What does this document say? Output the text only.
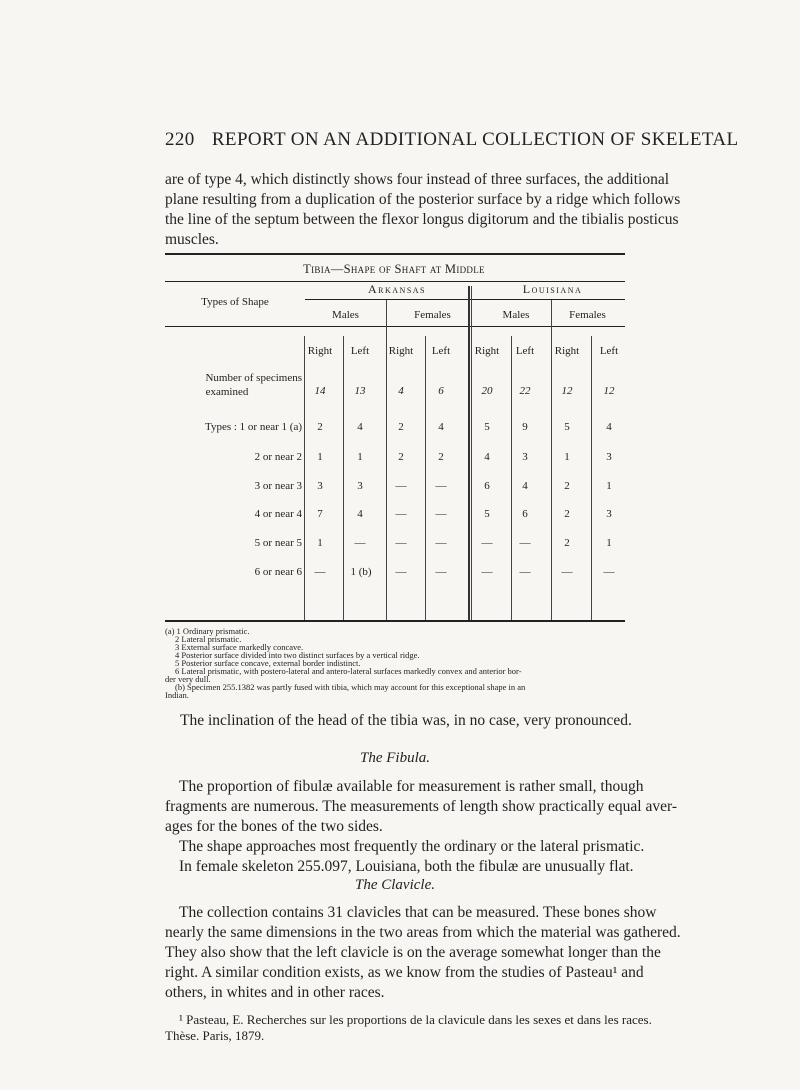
220 REPORT ON AN ADDITIONAL COLLECTION OF SKELETAL
are of type 4, which distinctly shows four instead of three surfaces, the additional
plane resulting from a duplication of the posterior surface by a ridge which follows
the line of the septum between the flexor longus digitorum and the tibialis posticus
muscles.
Tibia—Shape of Shaft at Middle
Types of Shape
Arkansas	Louisiana
Males	Females	Males	Females
Right	Left	Right	Left	Right	Left	Right	Left
Number of specimens
examined	14	13	4	6	20	22	12	12
Types : 1 or near 1 (a)	2	4	2	4	5	9	5	4
2 or near 2	1	1	2	2	4	3	1	3
3 or near 3	3	3	—	—	6	4	2	1
4 or near 4	7	4	—	—	5	6	2	3
5 or near 5	1	—	—	—	—	—	2	1
6 or near 6	—	1 (b)	—	—	—	—	—	—
(a) 1 Ordinary prismatic.
2 Lateral prismatic.
3 External surface markedly concave.
4 Posterior surface divided into two distinct surfaces by a vertical ridge.
5 Posterior surface concave, external border indistinct.
6 Lateral prismatic, with postero-lateral and antero-lateral surfaces markedly convex and anterior bor-
der very dull.
(b) Specimen 255.1382 was partly fused with tibia, which may account for this exceptional shape in an
Indian.
The inclination of the head of the tibia was, in no case, very pronounced.
The Fibula.
The proportion of fibulæ available for measurement is rather small, though
fragments are numerous. The measurements of length show practically equal aver-
ages for the bones of the two sides.
The shape approaches most frequently the ordinary or the lateral prismatic.
In female skeleton 255.097, Louisiana, both the fibulæ are unusually flat.
The Clavicle.
The collection contains 31 clavicles that can be measured. These bones show
nearly the same dimensions in the two areas from which the material was gathered.
They also show that the left clavicle is on the average somewhat longer than the
right. A similar condition exists, as we know from the studies of Pasteau¹ and
others, in whites and in other races.
¹ Pasteau, E. Recherches sur les proportions de la clavicule dans les sexes et dans les races.
Thèse. Paris, 1879.
